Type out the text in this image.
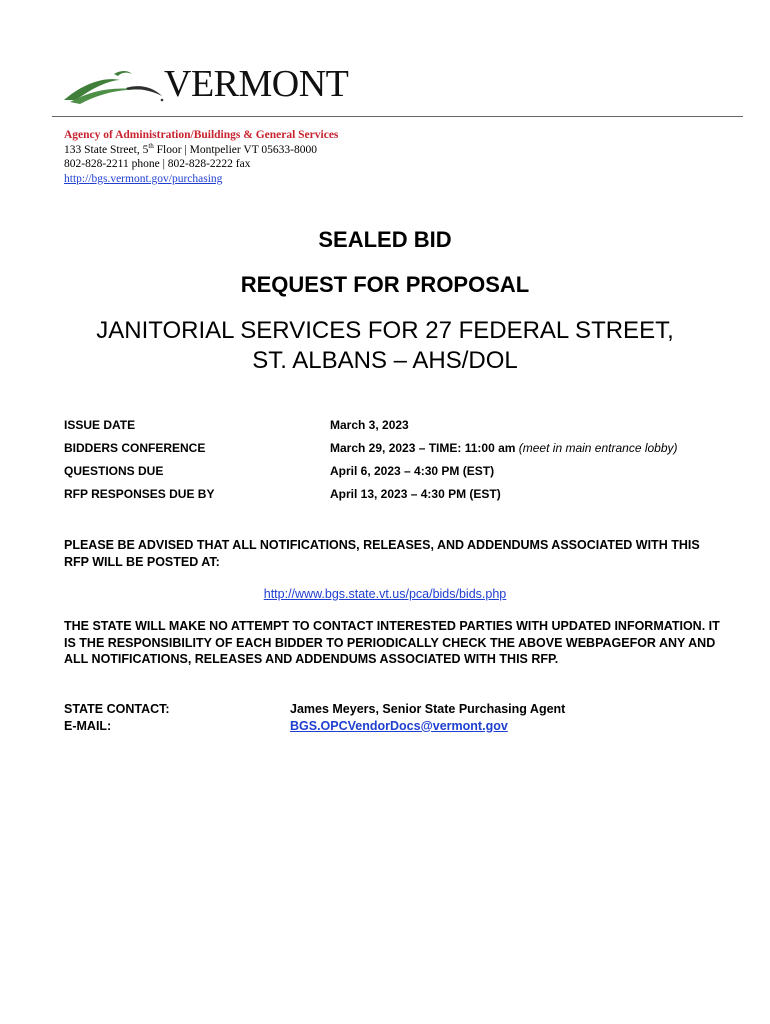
VERMONT
Agency of Administration/Buildings & General Services
133 State Street, 5th Floor | Montpelier VT 05633-8000
802-828-2211 phone | 802-828-2222 fax
http://bgs.vermont.gov/purchasing
SEALED BID
REQUEST FOR PROPOSAL
JANITORIAL SERVICES FOR 27 FEDERAL STREET,
ST. ALBANS – AHS/DOL
ISSUE DATE	March 3, 2023
BIDDERS CONFERENCE	March 29, 2023 – TIME: 11:00 am (meet in main entrance lobby)
QUESTIONS DUE	April 6, 2023 – 4:30 PM (EST)
RFP RESPONSES DUE BY	April 13, 2023 – 4:30 PM (EST)
PLEASE BE ADVISED THAT ALL NOTIFICATIONS, RELEASES, AND ADDENDUMS ASSOCIATED WITH THIS RFP WILL BE POSTED AT:
http://www.bgs.state.vt.us/pca/bids/bids.php
THE STATE WILL MAKE NO ATTEMPT TO CONTACT INTERESTED PARTIES WITH UPDATED INFORMATION. IT IS THE RESPONSIBILITY OF EACH BIDDER TO PERIODICALLY CHECK THE ABOVE WEBPAGEFOR ANY AND ALL NOTIFICATIONS, RELEASES AND ADDENDUMS ASSOCIATED WITH THIS RFP.
STATE CONTACT:	James Meyers, Senior State Purchasing Agent
E-MAIL:	BGS.OPCVendorDocs@vermont.gov
